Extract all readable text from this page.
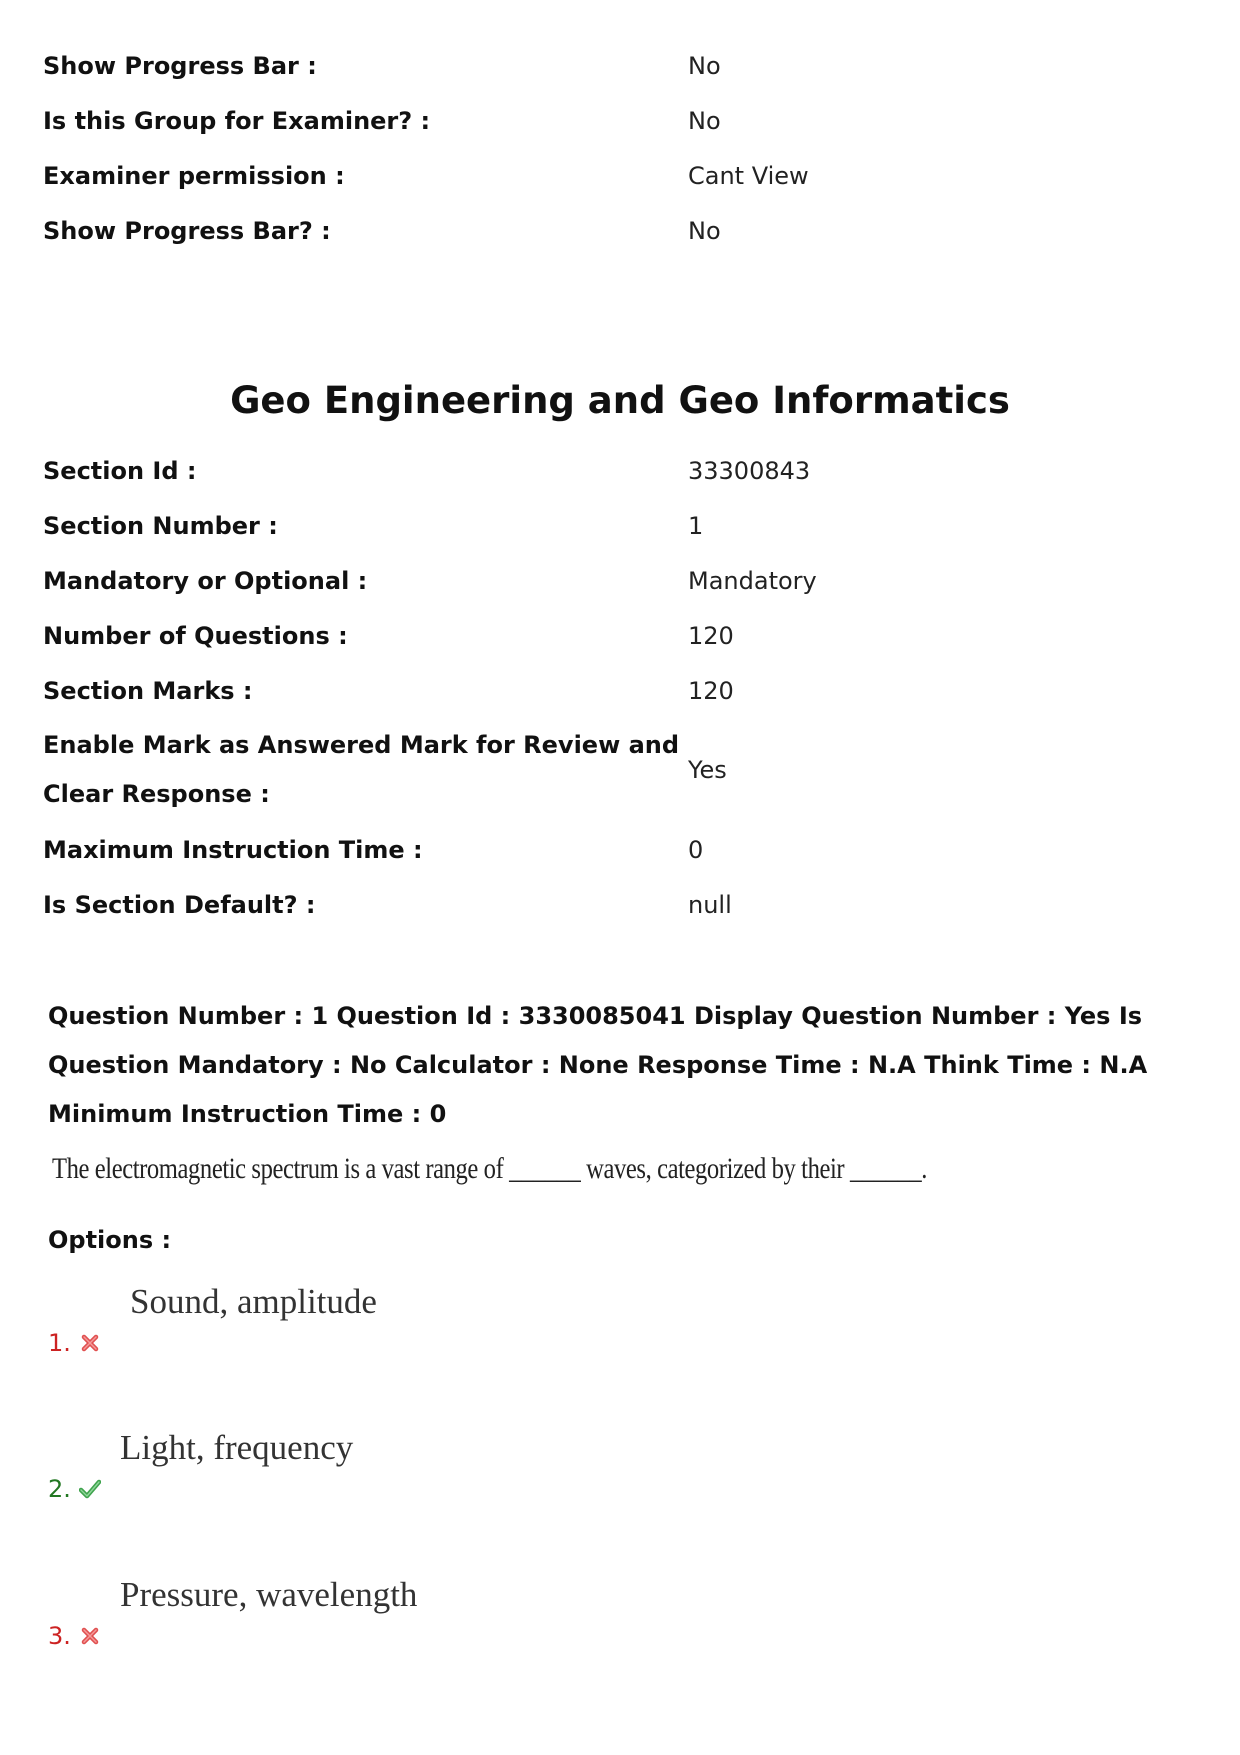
Show Progress Bar :	No
Is this Group for Examiner? :	No
Examiner permission :	Cant View
Show Progress Bar? :	No
Geo Engineering and Geo Informatics
Section Id :	33300843
Section Number :	1
Mandatory or Optional :	Mandatory
Number of Questions :	120
Section Marks :	120
Enable Mark as Answered Mark for Review and Clear Response :
Yes
Maximum Instruction Time :	0
Is Section Default? :	null
Question Number : 1 Question Id : 3330085041 Display Question Number : Yes Is Question Mandatory : No Calculator : None Response Time : N.A Think Time : N.A Minimum Instruction Time : 0
The electromagnetic spectrum is a vast range of ______ waves, categorized by their ______.
Options :
1.
Sound, amplitude
2.
Light, frequency
3.
Pressure, wavelength
